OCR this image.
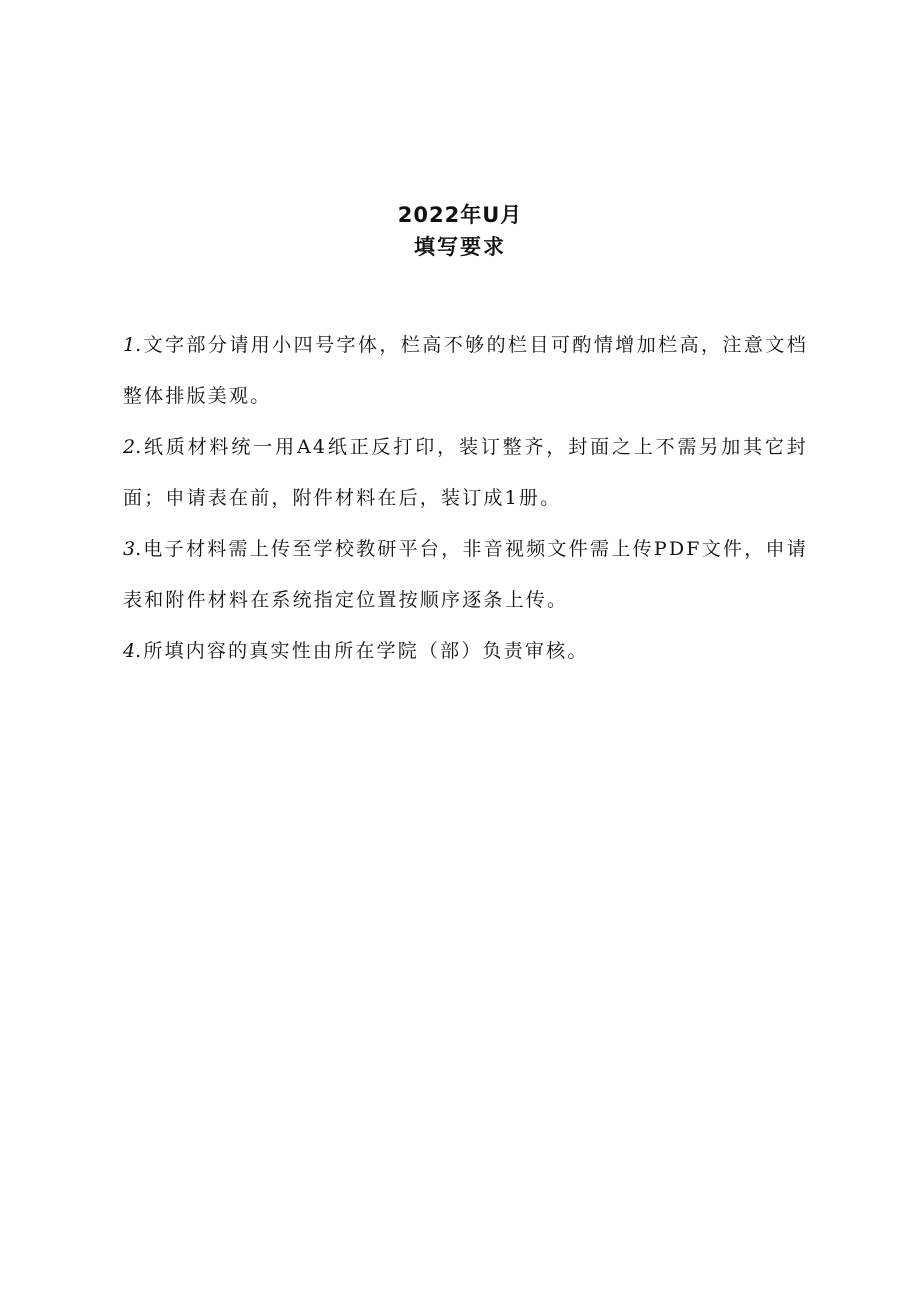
2022年U月
填写要求
1.文字部分请用小四号字体，栏高不够的栏目可酌情增加栏高，注意文档整体排版美观。
2.纸质材料统一用A4纸正反打印，装订整齐，封面之上不需另加其它封面；申请表在前，附件材料在后，装订成1册。
3.电子材料需上传至学校教研平台，非音视频文件需上传PDF文件，申请表和附件材料在系统指定位置按顺序逐条上传。
4.所填内容的真实性由所在学院（部）负责审核。
